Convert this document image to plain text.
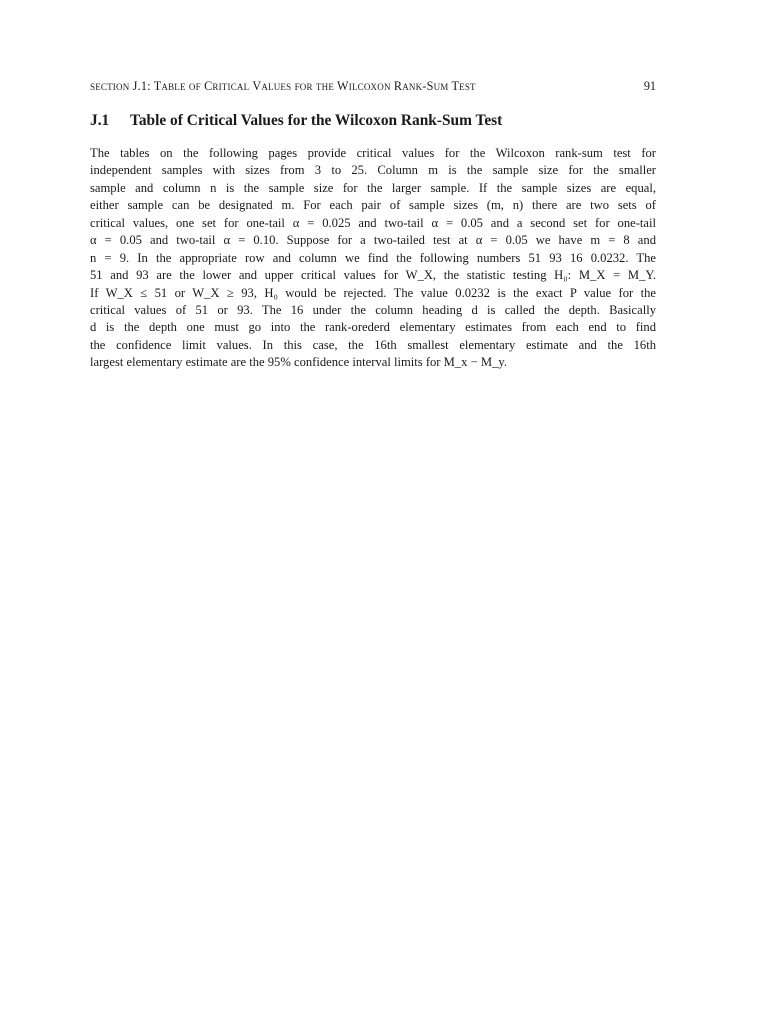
section J.1: Table of Critical Values for the Wilcoxon Rank-Sum Test	91
J.1	Table of Critical Values for the Wilcoxon Rank-Sum Test
The tables on the following pages provide critical values for the Wilcoxon rank-sum test for
independent samples with sizes from 3 to 25. Column m is the sample size for the smaller
sample and column n is the sample size for the larger sample. If the sample sizes are equal,
either sample can be designated m. For each pair of sample sizes (m, n) there are two sets of
critical values, one set for one-tail α = 0.025 and two-tail α = 0.05 and a second set for one-tail
α = 0.05 and two-tail α = 0.10. Suppose for a two-tailed test at α = 0.05 we have m = 8 and
n = 9. In the appropriate row and column we find the following numbers 51 93 16 0.0232. The
51 and 93 are the lower and upper critical values for W_X, the statistic testing H₀: M_X = M_Y.
If W_X ≤ 51 or W_X ≥ 93, H₀ would be rejected. The value 0.0232 is the exact P value for the
critical values of 51 or 93. The 16 under the column heading d is called the depth. Basically
d is the depth one must go into the rank-orederd elementary estimates from each end to find
the confidence limit values. In this case, the 16th smallest elementary estimate and the 16th
largest elementary estimate are the 95% confidence interval limits for M_x − M_y.
